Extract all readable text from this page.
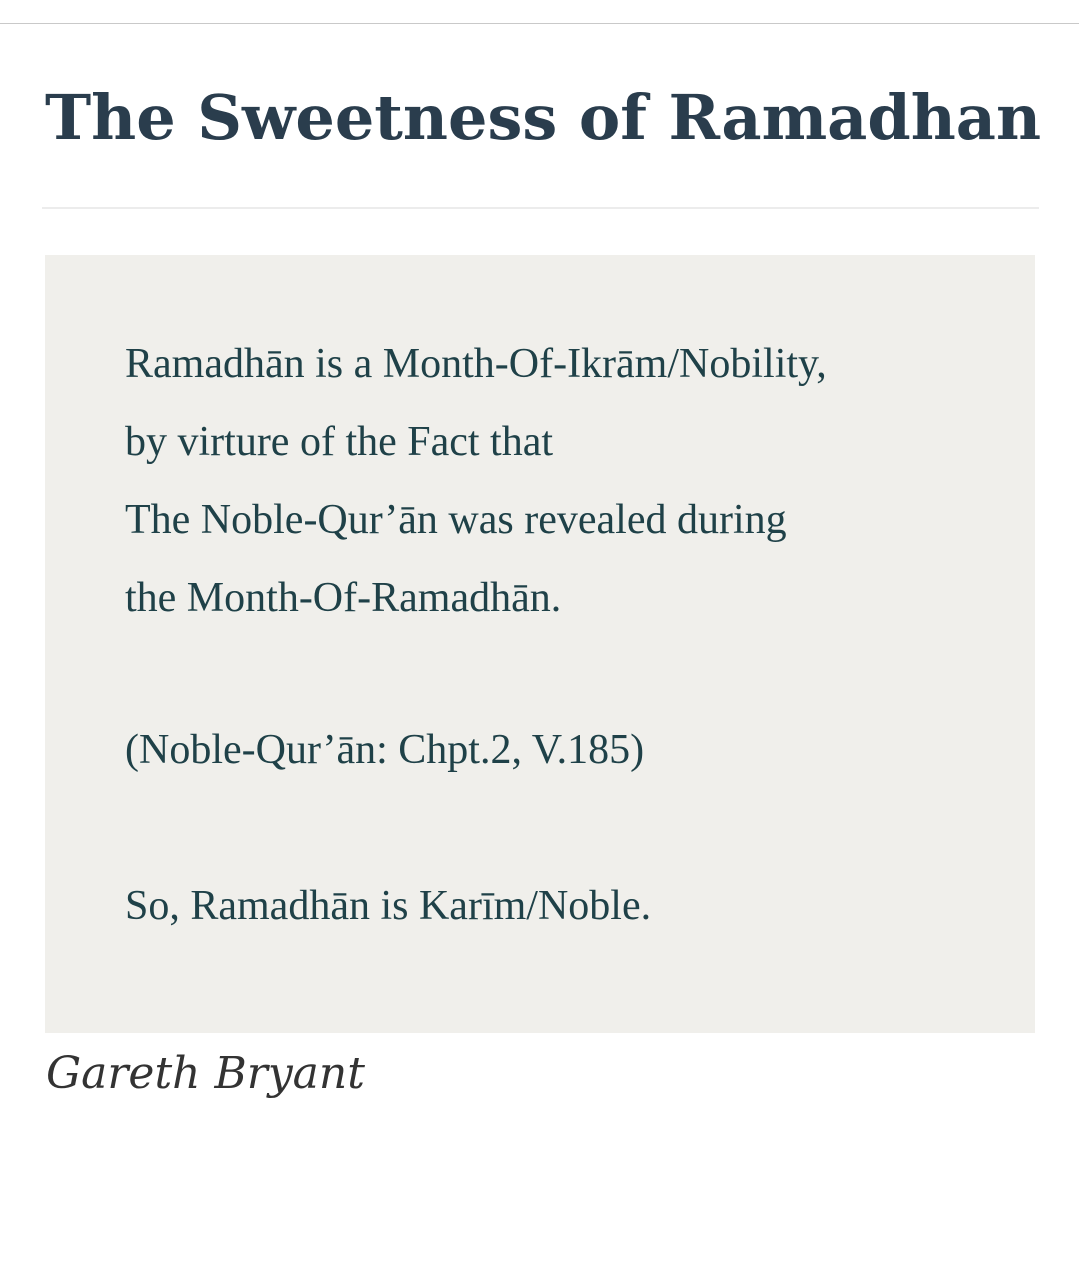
The Sweetness of Ramadhan

Ramadhān is a Month-Of-Ikrām/Nobility,
by virture of the Fact that
The Noble-Qur’ān was revealed during
the Month-Of-Ramadhān.

(Noble-Qur’ān: Chpt.2, V.185)

So, Ramadhān is Karīm/Noble.

Gareth Bryant
